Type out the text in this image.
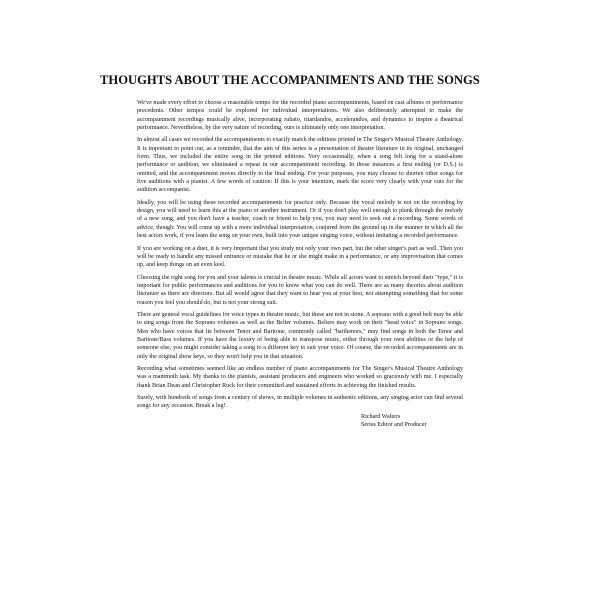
THOUGHTS ABOUT THE ACCOMPANIMENTS AND THE SONGS

We've made every effort to choose a reasonable tempo for the recorded piano accompaniments, based on cast albums or performance precedents. Other tempos could be explored for individual interpretations. We also deliberately attempted to make the accompaniment recordings musically alive, incorporating rubato, ritardandos, accelerandos, and dynamics to inspire a theatrical performance. Nevertheless, by the very nature of recording, ours is ultimately only one interpretation.

In almost all cases we recorded the accompaniments to exactly match the editions printed in The Singer's Musical Theatre Anthology. It is important to point out, as a reminder, that the aim of this series is a presentation of theatre literature in its original, unchanged form. Thus, we included the entire song in the printed editions. Very occasionally, when a song felt long for a stand-alone performance or audition, we eliminated a repeat in our accompaniment recording. In those instances a first ending (or D.S.) is omitted, and the accompaniment moves directly to the final ending. For your purposes, you may choose to shorten other songs for five auditions with a pianist. A few words of caution: If this is your intention, mark the score very clearly with your cuts for the audition accompanist.

Ideally, you will be using these recorded accompaniments for practice only. Because the vocal melody is not on the recording by design, you will need to learn this at the piano or another instrument. Or if you don't play well enough to plunk through the melody of a new song, and you don't have a teacher, coach or friend to help you, you may need to seek out a recording. Some words of advice, though: You will come up with a more individual interpretation, conjured from the ground up in the manner in which all the best actors work, if you learn the song on your own, built into your unique singing voice, without imitating a recorded performance.

If you are working on a duet, it is very important that you study not only your own part, but the other singer's part as well. Then you will be ready to handle any missed entrance or mistake that he or she might make in a performance, or any improvisation that comes up, and keep things on an even keel.

Choosing the right song for you and your talents is crucial in theatre music. While all actors want to stretch beyond their "type," it is important for public performances and auditions for you to know what you can do well. There are as many theories about audition literature as there are directors. But all would agree that they want to hear you at your best, not attempting something that for some reason you feel you should do, but is not your strong suit.

There are general vocal guidelines for voice types in theatre music, but these are not in stone. A soprano with a good belt may be able to sing songs from the Soprano volumes as well as the Belter volumes. Belters may work on their "head voice" in Soprano songs. Men who have voices that lie between Tenor and Baritone, commonly called "barihenors," may find songs in both the Tenor and Baritone/Bass volumes. If you have the luxury of being able to transpose music, either through your own abilities or the help of someone else, you might consider taking a song to a different key to suit your voice. Of course, the recorded accompaniments are in only the original show keys, so they won't help you in that situation.

Recording what sometimes seemed like an endless number of piano accompaniments for The Singer's Musical Theatre Anthology was a mammoth task. My thanks to the pianists, assistant producers and engineers who worked so graciously with me. I especially thank Brian Dean and Christopher Ruck for their committed and sustained efforts in achieving the finished results.

Surely, with hundreds of songs from a century of shows, in multiple volumes in authentic editions, any singing actor can find several songs for any occasion. Break a leg!

Richard Walters
Series Editor and Producer
